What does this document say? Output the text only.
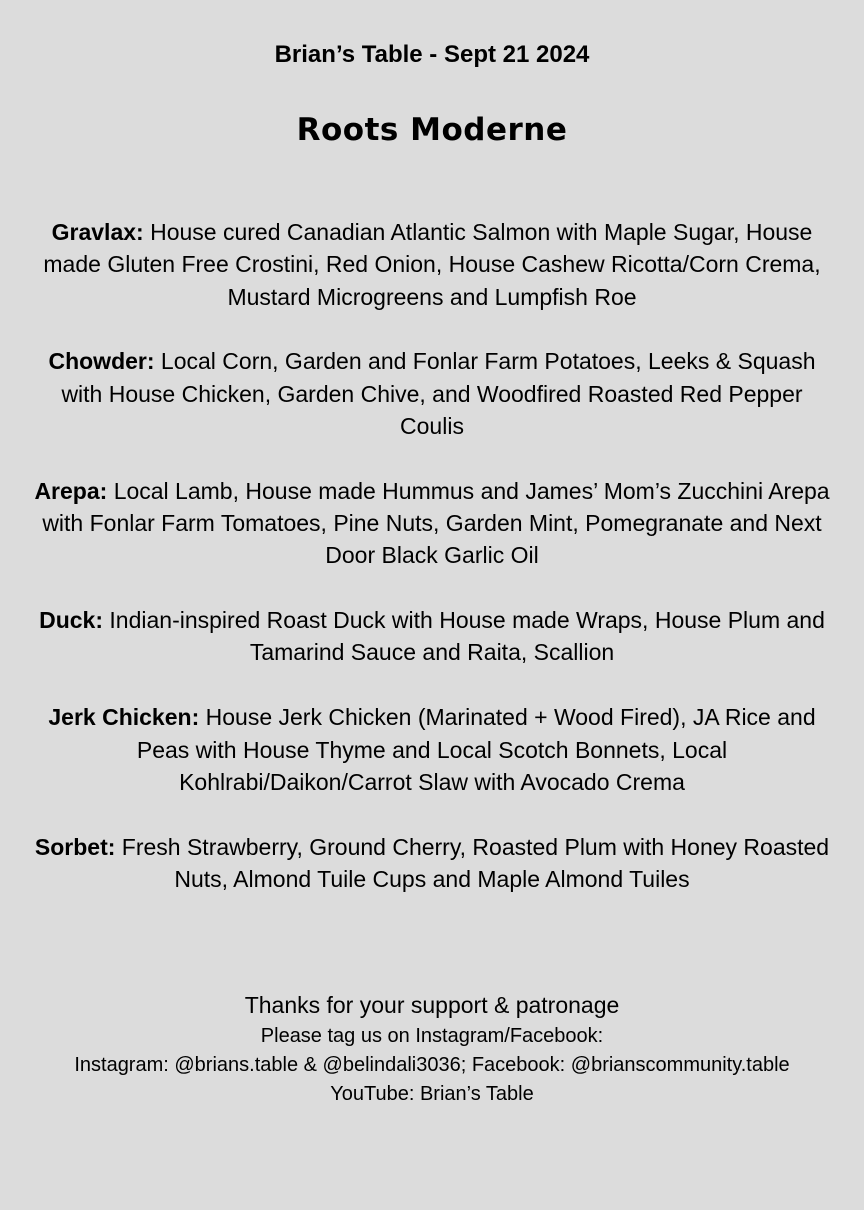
Brian’s Table - Sept 21 2024
Roots Moderne

Gravlax: House cured Canadian Atlantic Salmon with Maple Sugar, House made Gluten Free Crostini, Red Onion, House Cashew Ricotta/Corn Crema, Mustard Microgreens and Lumpfish Roe

Chowder: Local Corn, Garden and Fonlar Farm Potatoes, Leeks & Squash with House Chicken, Garden Chive, and Woodfired Roasted Red Pepper Coulis

Arepa: Local Lamb, House made Hummus and James’ Mom’s Zucchini Arepa with Fonlar Farm Tomatoes, Pine Nuts, Garden Mint, Pomegranate and Next Door Black Garlic Oil

Duck: Indian-inspired Roast Duck with House made Wraps, House Plum and Tamarind Sauce and Raita, Scallion

Jerk Chicken: House Jerk Chicken (Marinated + Wood Fired), JA Rice and Peas with House Thyme and Local Scotch Bonnets, Local Kohlrabi/Daikon/Carrot Slaw with Avocado Crema

Sorbet: Fresh Strawberry, Ground Cherry, Roasted Plum with Honey Roasted Nuts, Almond Tuile Cups and Maple Almond Tuiles

Thanks for your support & patronage

Please tag us on Instagram/Facebook:

Instagram: @brians.table & @belindali3036; Facebook: @brianscommunity.table

YouTube: Brian’s Table
